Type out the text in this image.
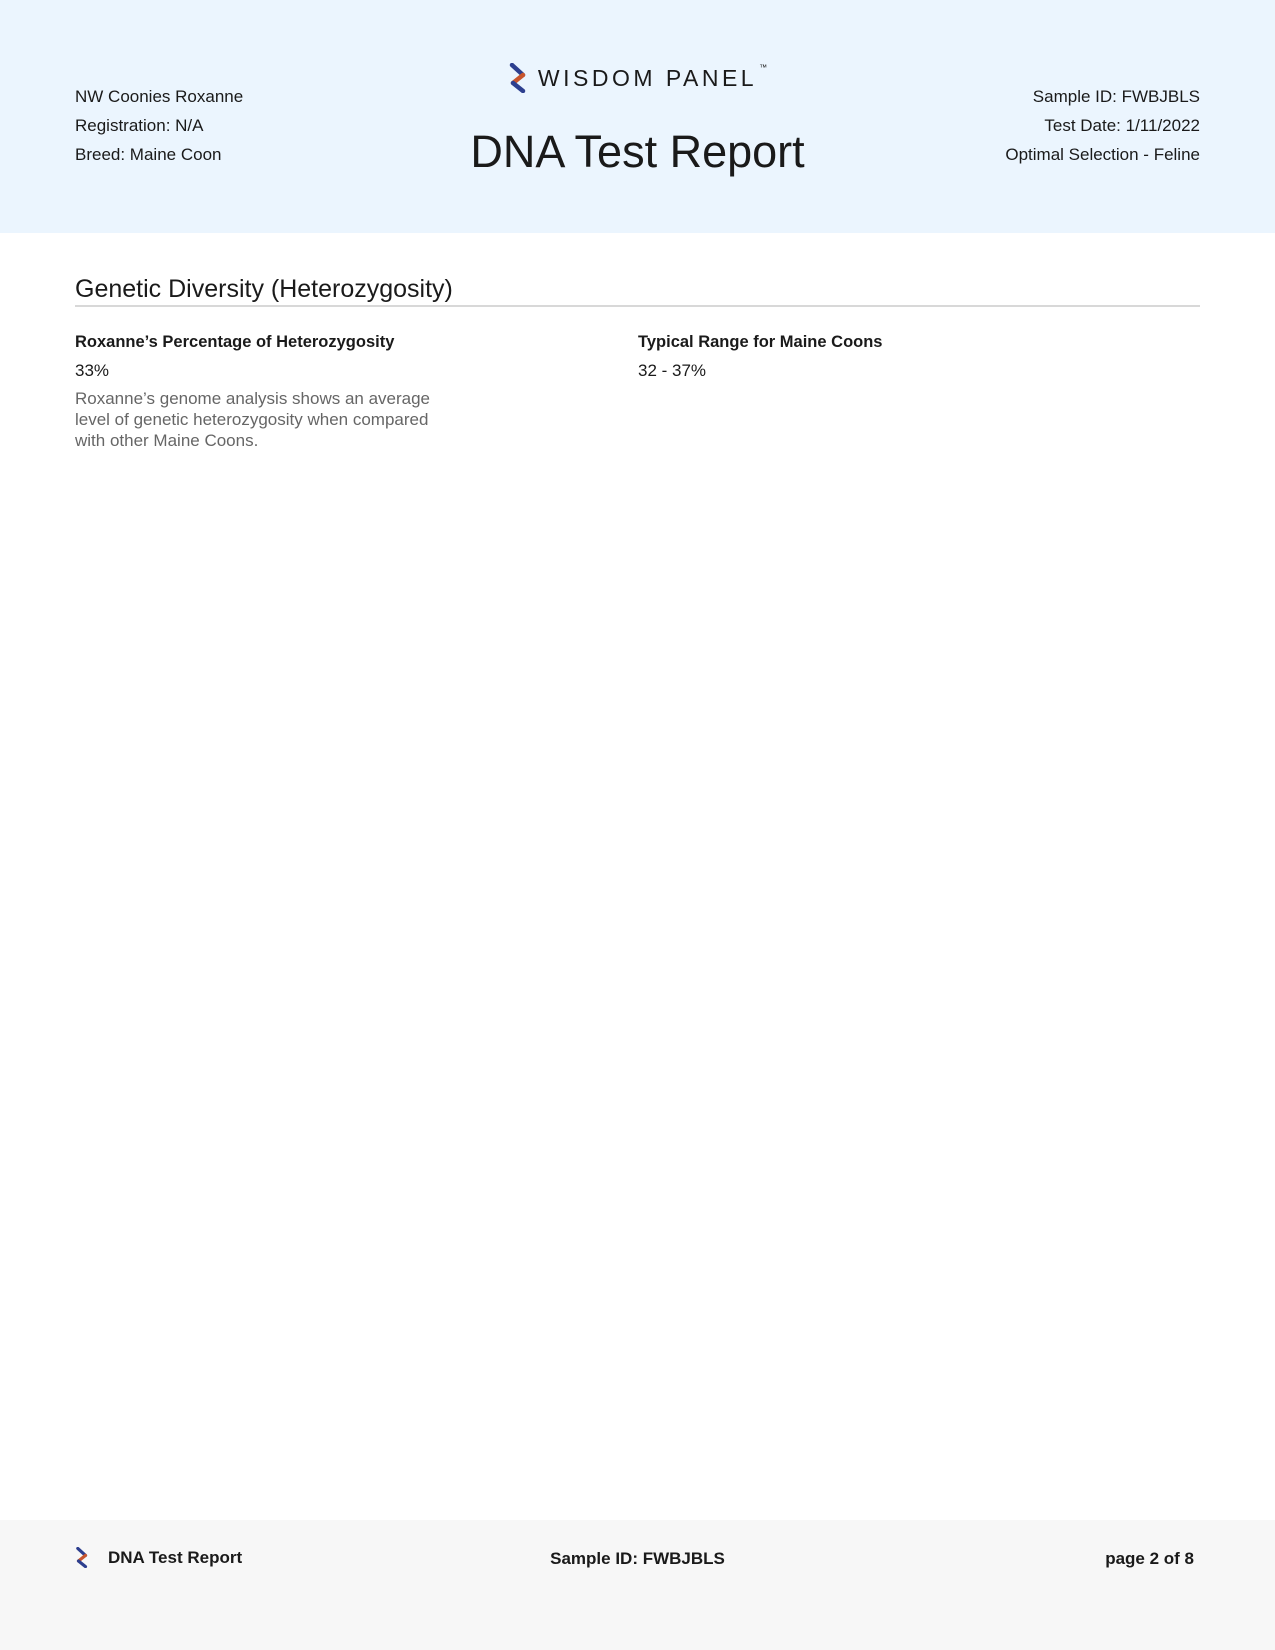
NW Coonies Roxanne
Registration: N/A
Breed: Maine Coon
WISDOM PANEL ™
DNA Test Report
Sample ID: FWBJBLS
Test Date: 1/11/2022
Optimal Selection - Feline
Genetic Diversity (Heterozygosity)
Roxanne’s Percentage of Heterozygosity
33%
Roxanne’s genome analysis shows an average level of genetic heterozygosity when compared with other Maine Coons.
Typical Range for Maine Coons
32 - 37%
DNA Test Report	Sample ID: FWBJBLS	page 2 of 8
